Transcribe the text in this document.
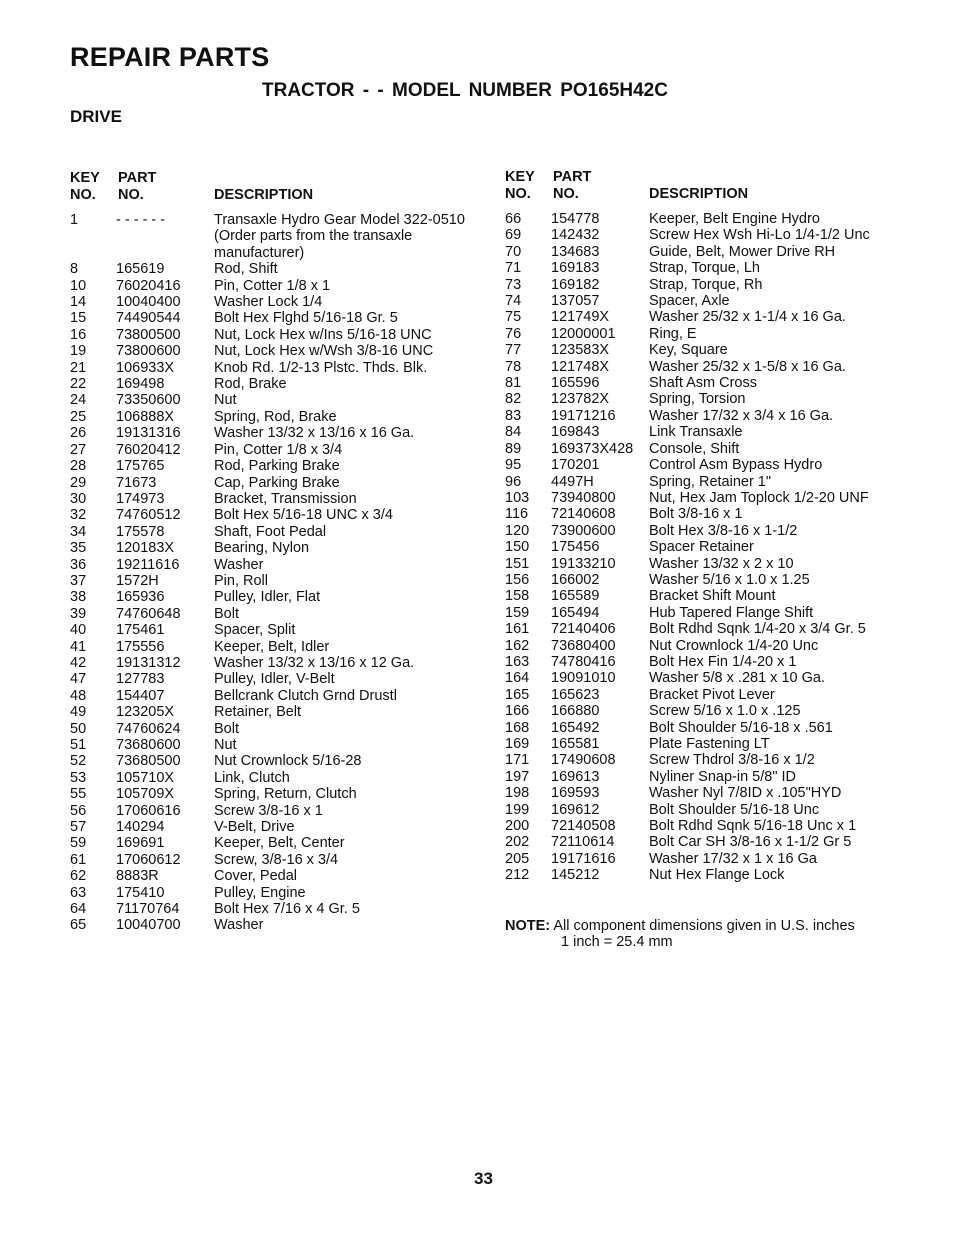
REPAIR PARTS
TRACTOR - - MODEL NUMBER PO165H42C
DRIVE
KEY
NO.
PART
NO.	DESCRIPTION
1	- - - - - -	Transaxle Hydro Gear Model 322-0510 (Order parts from the transaxle manufacturer)
8	165619	Rod, Shift
10 76020416 Pin, Cotter 1/8 x 1
14 10040400 Washer Lock 1/4
15 74490544 Bolt Hex Flghd 5/16-18 Gr. 5
16 73800500 Nut, Lock Hex w/Ins 5/16-18 UNC
19 73800600 Nut, Lock Hex w/Wsh 3/8-16 UNC
21 106933X	Knob Rd. 1/2-13 Plstc. Thds. Blk.
22 169498	Rod, Brake
24 73350600 Nut
25 106888X	Spring, Rod, Brake
26 19131316 Washer 13/32 x 13/16 x 16 Ga.
27 76020412 Pin, Cotter 1/8 x 3/4
28 175765	Rod, Parking Brake
29 71673	Cap, Parking Brake
30 174973	Bracket, Transmission
32 74760512 Bolt Hex 5/16-18 UNC x 3/4
34 175578	Shaft, Foot Pedal
35 120183X	Bearing, Nylon
36 19211616 Washer
37 1572H	Pin, Roll
38 165936	Pulley, Idler, Flat
39 74760648 Bolt
40 175461	Spacer, Split
41 175556	Keeper, Belt, Idler
42 19131312 Washer 13/32 x 13/16 x 12 Ga.
47 127783	Pulley, Idler, V-Belt
48 154407	Bellcrank Clutch Grnd Drustl
49 123205X	Retainer, Belt
50 74760624 Bolt
51 73680600 Nut
52 73680500 Nut Crownlock 5/16-28
53 105710X	Link, Clutch
55 105709X	Spring, Return, Clutch
56 17060616 Screw 3/8-16 x 1
57 140294	V-Belt, Drive
59 169691	Keeper, Belt, Center
61 17060612 Screw, 3/8-16 x 3/4
62 8883R	Cover, Pedal
63 175410	Pulley, Engine
64 71170764 Bolt Hex 7/16 x 4 Gr. 5
65 10040700 Washer
KEY
NO.
PART
NO.	DESCRIPTION
66 154778	Keeper, Belt Engine Hydro
69 142432	Screw Hex Wsh Hi-Lo 1/4-1/2 Unc
70 134683	Guide, Belt, Mower Drive RH
71 169183	Strap, Torque, Lh
73 169182	Strap, Torque, Rh
74 137057	Spacer, Axle
75 121749X	Washer 25/32 x 1-1/4 x 16 Ga.
76 12000001 Ring, E
77 123583X	Key, Square
78 121748X	Washer 25/32 x 1-5/8 x 16 Ga.
81 165596	Shaft Asm Cross
82 123782X	Spring, Torsion
83 19171216 Washer 17/32 x 3/4 x 16 Ga.
84 169843	Link Transaxle
89 169373X428 Console, Shift
95 170201	Control Asm Bypass Hydro
96 4497H	Spring, Retainer 1"
103 73940800 Nut, Hex Jam Toplock 1/2-20 UNF
116 72140608 Bolt 3/8-16 x 1
120 73900600 Bolt Hex 3/8-16 x 1-1/2
150 175456	Spacer Retainer
151 19133210 Washer 13/32 x 2 x 10
156 166002	Washer 5/16 x 1.0 x 1.25
158 165589	Bracket Shift Mount
159 165494	Hub Tapered Flange Shift
161 72140406 Bolt Rdhd Sqnk 1/4-20 x 3/4 Gr. 5
162 73680400 Nut Crownlock 1/4-20 Unc
163 74780416 Bolt Hex Fin 1/4-20 x 1
164 19091010 Washer 5/8 x .281 x 10 Ga.
165 165623	Bracket Pivot Lever
166 166880	Screw 5/16 x 1.0 x .125
168 165492	Bolt Shoulder 5/16-18 x .561
169 165581	Plate Fastening LT
171 17490608 Screw Thdrol 3/8-16 x 1/2
197 169613	Nyliner Snap-in 5/8" ID
198 169593	Washer Nyl 7/8ID x .105"HYD
199 169612	Bolt Shoulder 5/16-18 Unc
200 72140508 Bolt Rdhd Sqnk 5/16-18 Unc x 1
202 72110614 Bolt Car SH 3/8-16 x 1-1/2 Gr 5
205 19171616 Washer 17/32 x 1 x 16 Ga
212 145212	Nut Hex Flange Lock
NOTE: All component dimensions given in U.S. inches
1 inch = 25.4 mm
33
